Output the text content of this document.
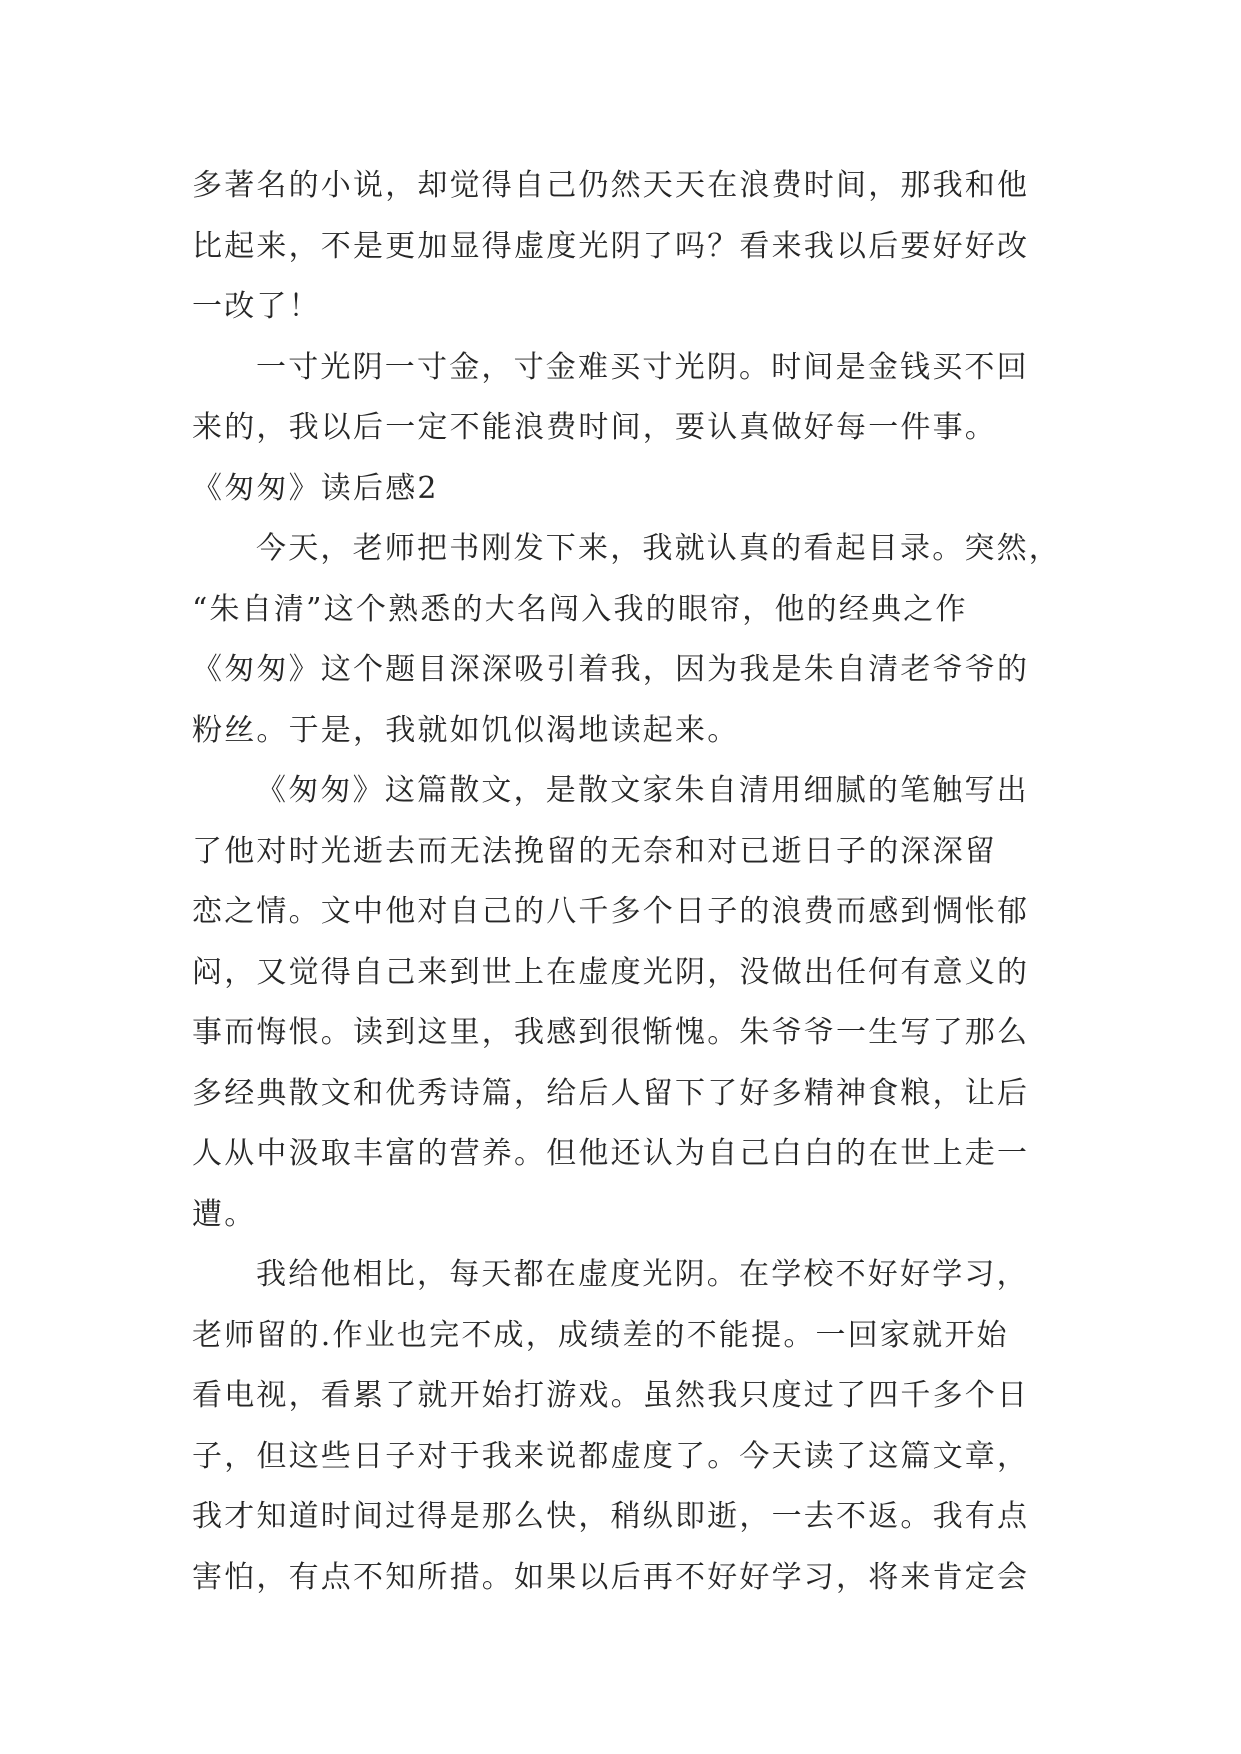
多著名的小说，却觉得自己仍然天天在浪费时间，那我和他
比起来，不是更加显得虚度光阴了吗？看来我以后要好好改
一改了！
一寸光阴一寸金，寸金难买寸光阴。时间是金钱买不回
来的，我以后一定不能浪费时间，要认真做好每一件事。
《匆匆》读后感2
今天，老师把书刚发下来，我就认真的看起目录。突然，
“朱自清”这个熟悉的大名闯入我的眼帘，他的经典之作
《匆匆》这个题目深深吸引着我，因为我是朱自清老爷爷的
粉丝。于是，我就如饥似渴地读起来。
《匆匆》这篇散文，是散文家朱自清用细腻的笔触写出
了他对时光逝去而无法挽留的无奈和对已逝日子的深深留
恋之情。文中他对自己的八千多个日子的浪费而感到惆怅郁
闷，又觉得自己来到世上在虚度光阴，没做出任何有意义的
事而悔恨。读到这里，我感到很惭愧。朱爷爷一生写了那么
多经典散文和优秀诗篇，给后人留下了好多精神食粮，让后
人从中汲取丰富的营养。但他还认为自己白白的在世上走一
遭。
我给他相比，每天都在虚度光阴。在学校不好好学习，
老师留的.作业也完不成，成绩差的不能提。一回家就开始
看电视，看累了就开始打游戏。虽然我只度过了四千多个日
子，但这些日子对于我来说都虚度了。今天读了这篇文章，
我才知道时间过得是那么快，稍纵即逝，一去不返。我有点
害怕，有点不知所措。如果以后再不好好学习，将来肯定会
